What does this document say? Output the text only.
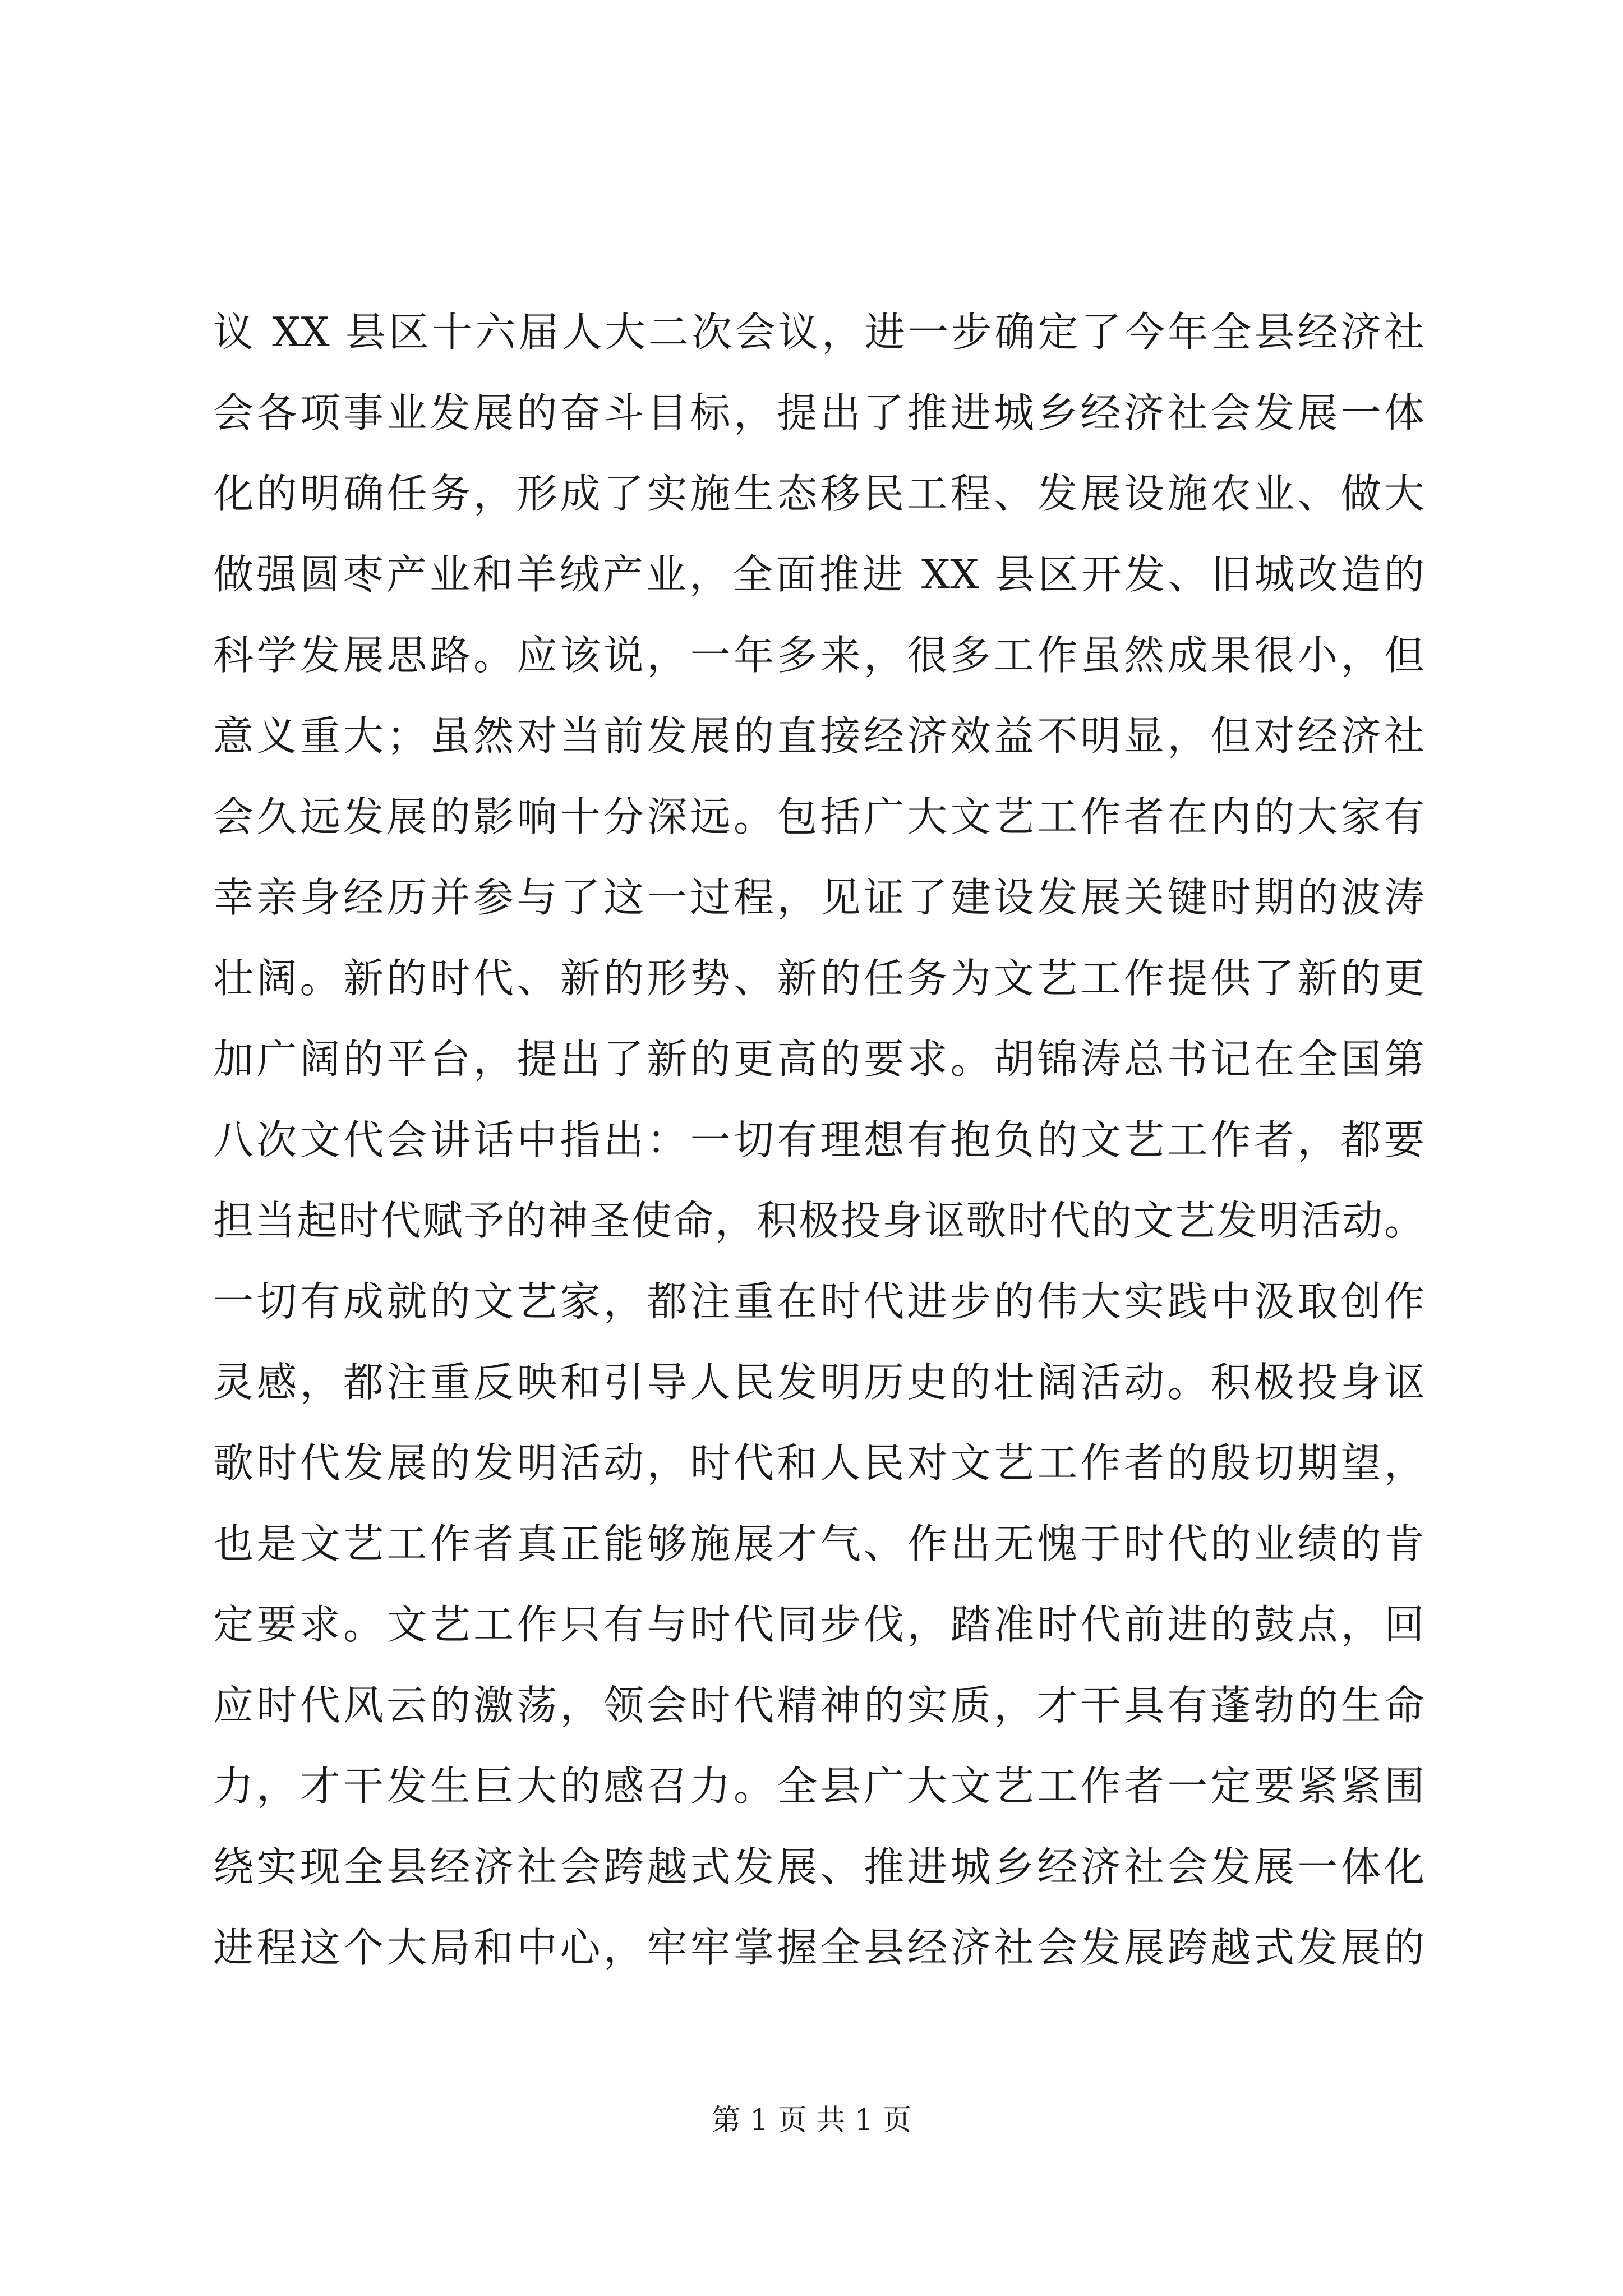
议 XX 县区十六届人大二次会议，进一步确定了今年全县经济社
会各项事业发展的奋斗目标，提出了推进城乡经济社会发展一体
化的明确任务，形成了实施生态移民工程、发展设施农业、做大
做强圆枣产业和羊绒产业，全面推进 XX 县区开发、旧城改造的
科学发展思路。应该说，一年多来，很多工作虽然成果很小，但
意义重大；虽然对当前发展的直接经济效益不明显，但对经济社
会久远发展的影响十分深远。包括广大文艺工作者在内的大家有
幸亲身经历并参与了这一过程，见证了建设发展关键时期的波涛
壮阔。新的时代、新的形势、新的任务为文艺工作提供了新的更
加广阔的平台，提出了新的更高的要求。胡锦涛总书记在全国第
八次文代会讲话中指出：一切有理想有抱负的文艺工作者，都要
担当起时代赋予的神圣使命，积极投身讴歌时代的文艺发明活动。
一切有成就的文艺家，都注重在时代进步的伟大实践中汲取创作
灵感，都注重反映和引导人民发明历史的壮阔活动。积极投身讴
歌时代发展的发明活动，时代和人民对文艺工作者的殷切期望，
也是文艺工作者真正能够施展才气、作出无愧于时代的业绩的肯
定要求。文艺工作只有与时代同步伐，踏准时代前进的鼓点，回
应时代风云的激荡，领会时代精神的实质，才干具有蓬勃的生命
力，才干发生巨大的感召力。全县广大文艺工作者一定要紧紧围
绕实现全县经济社会跨越式发展、推进城乡经济社会发展一体化
进程这个大局和中心，牢牢掌握全县经济社会发展跨越式发展的
第 1 页 共 1 页
